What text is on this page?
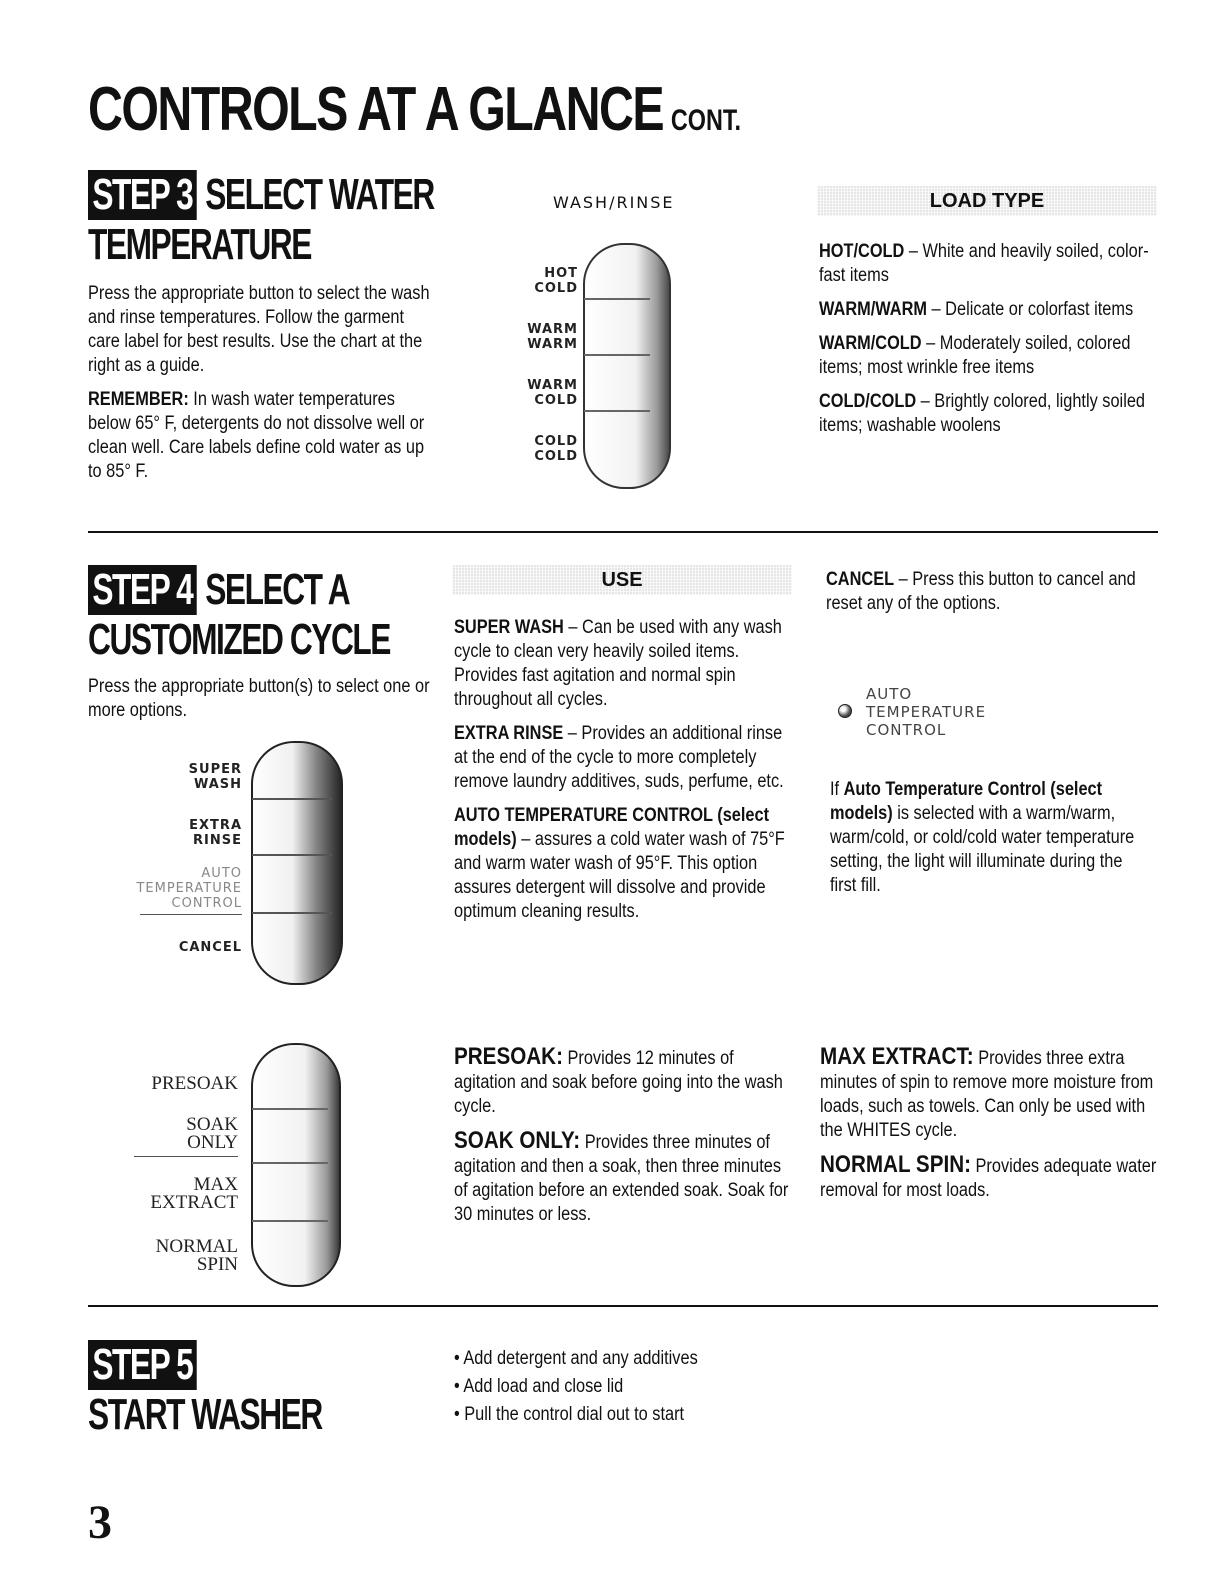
CONTROLS AT A GLANCE CONT.
STEP 3 SELECT WATER
TEMPERATURE

Press the appropriate button to select the wash and rinse temperatures. Follow the garment care label for best results. Use the chart at the right as a guide.

REMEMBER: In wash water temperatures below 65° F, detergents do not dissolve well or clean well. Care labels define cold water as up to 85° F.

WASH/RINSE
HOT
COLD
WARM
WARM
WARM
COLD
COLD
COLD
LOAD TYPE

HOT/COLD – White and heavily soiled, color-fast items

WARM/WARM – Delicate or colorfast items

WARM/COLD – Moderately soiled, colored items; most wrinkle free items

COLD/COLD – Brightly colored, lightly soiled items; washable woolens

STEP 4 SELECT A
CUSTOMIZED CYCLE
Press the appropriate button(s) to select one or more options.
SUPER
WASH
EXTRA
RINSE
AUTO
TEMPERATURE
CONTROL
CANCEL
USE

SUPER WASH – Can be used with any wash cycle to clean very heavily soiled items. Provides fast agitation and normal spin throughout all cycles.

EXTRA RINSE – Provides an additional rinse at the end of the cycle to more completely remove laundry additives, suds, perfume, etc.

AUTO TEMPERATURE CONTROL (select models) – assures a cold water wash of 75°F and warm water wash of 95°F. This option assures detergent will dissolve and provide optimum cleaning results.

CANCEL – Press this button to cancel and reset any of the options.
AUTO
TEMPERATURE
CONTROL
If Auto Temperature Control (select models) is selected with a warm/warm, warm/cold, or cold/cold water temperature setting, the light will illuminate during the first fill.
PRESOAK
SOAK
ONLY
MAX
EXTRACT
NORMAL
SPIN

PRESOAK: Provides 12 minutes of agitation and soak before going into the wash cycle.

SOAK ONLY: Provides three minutes of agitation and then a soak, then three minutes of agitation before an extended soak. Soak for 30 minutes or less.

MAX EXTRACT: Provides three extra minutes of spin to remove more moisture from loads, such as towels. Can only be used with the WHITES cycle.

NORMAL SPIN: Provides adequate water removal for most loads.

STEP 5
START WASHER
• Add detergent and any additives
• Add load and close lid
• Pull the control dial out to start
3
